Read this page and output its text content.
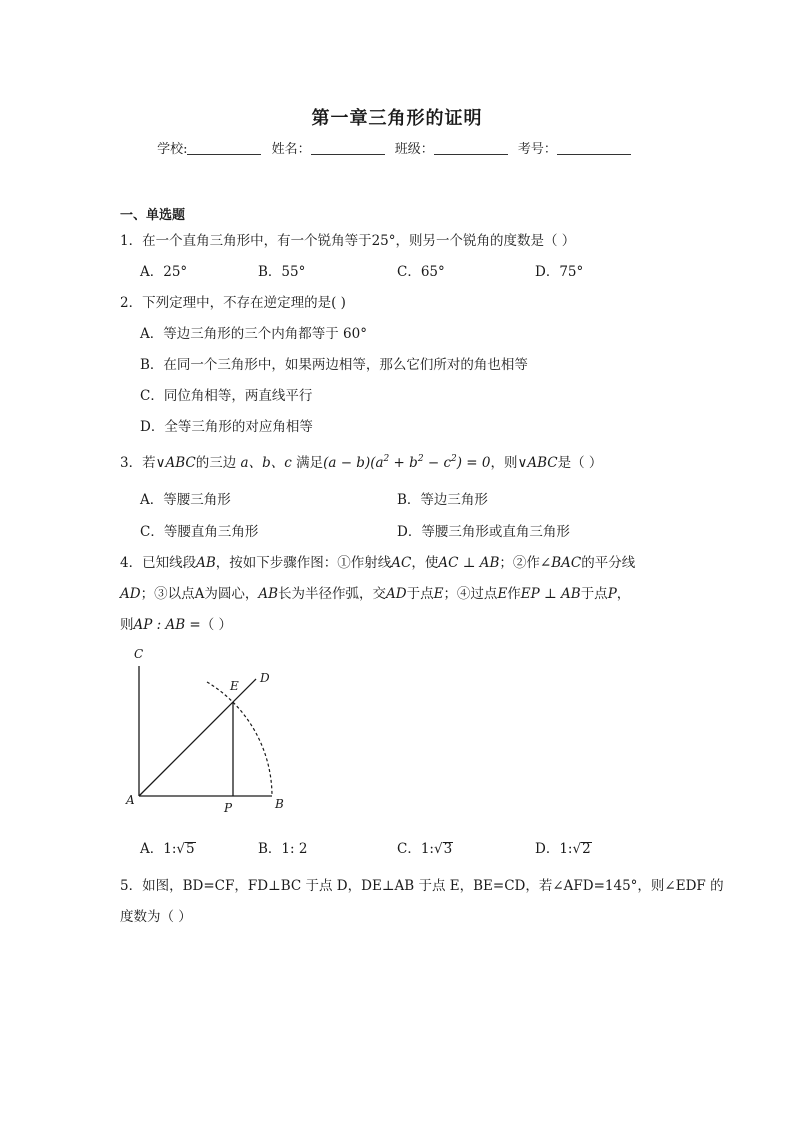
第一章三角形的证明
学校:	姓名：	班级：	考号：
一、单选题
1．在一个直角三角形中，有一个锐角等于25°，则另一个锐角的度数是（ ）
A．25°	B．55°	C．65°	D．75°
2．下列定理中，不存在逆定理的是( )
A．等边三角形的三个内角都等于 60°
B．在同一个三角形中，如果两边相等，那么它们所对的角也相等
C．同位角相等，两直线平行
D．全等三角形的对应角相等
3．若∨ABC的三边 a、b、c 满足$(a - b)(a^2 + b^2 - c^2) = 0$，则∨ABC是（ ）
A．等腰三角形	B．等边三角形
C．等腰直角三角形	D．等腰三角形或直角三角形
4．已知线段AB，按如下步骤作图：①作射线AC，使AC ⊥ AB；②作∠BAC的平分线
AD；③以点A为圆心，AB长为半径作弧，交AD于点E；④过点E作EP ⊥ AB于点P，
则AP : AB =（ ）
C
D
E
A
P	B
A．1:√5	B．1: 2	C．1:√3	D．1:√2
5．如图，BD=CF，FD⊥BC 于点 D，DE⊥AB 于点 E，BE=CD，若∠AFD=145°，则∠EDF 的
度数为（ ）
